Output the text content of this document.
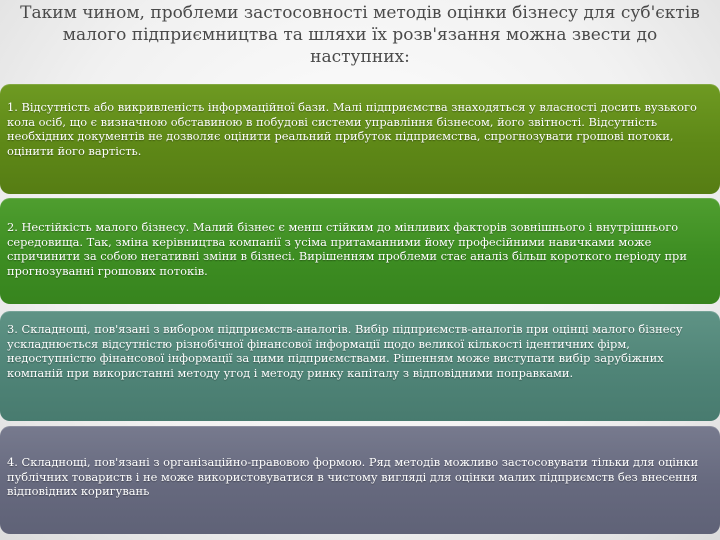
Таким чином, проблеми застосовності методів оцінки бізнесу для суб'єктів
малого підприємництва та шляхи їх розв'язання можна звести до
наступних:

1. Відсутність або викривленість інформаційної бази. Малі підприємства знаходяться у власності досить вузького кола осіб, що є визначною обставиною в побудові системи управління бізнесом, його звітності. Відсутність необхідних документів не дозволяє оцінити реальний прибуток підприємства, спрогнозувати грошові потоки, оцінити його вартість.

2. Нестійкість малого бізнесу. Малий бізнес є менш стійким до мінливих факторів зовнішнього і внутрішнього середовища. Так, зміна керівництва компанії з усіма притаманними йому професійними навичками може спричинити за собою негативні зміни в бізнесі. Вирішенням проблеми стає аналіз більш короткого періоду при прогнозуванні грошових потоків.

3. Складнощі, пов'язані з вибором підприємств-аналогів. Вибір підприємств-аналогів при оцінці малого бізнесу ускладнюється відсутністю різнобічної фінансової інформації щодо великої кількості ідентичних фірм, недоступністю фінансової інформації за цими підприємствами. Рішенням може виступати вибір зарубіжних компаній при використанні методу угод і методу ринку капіталу з відповідними поправками.

4. Складнощі, пов'язані з організаційно-правовою формою. Ряд методів можливо застосовувати тільки для оцінки публічних товариств і не може використовуватися в чистому вигляді для оцінки малих підприємств без внесення відповідних коригувань
